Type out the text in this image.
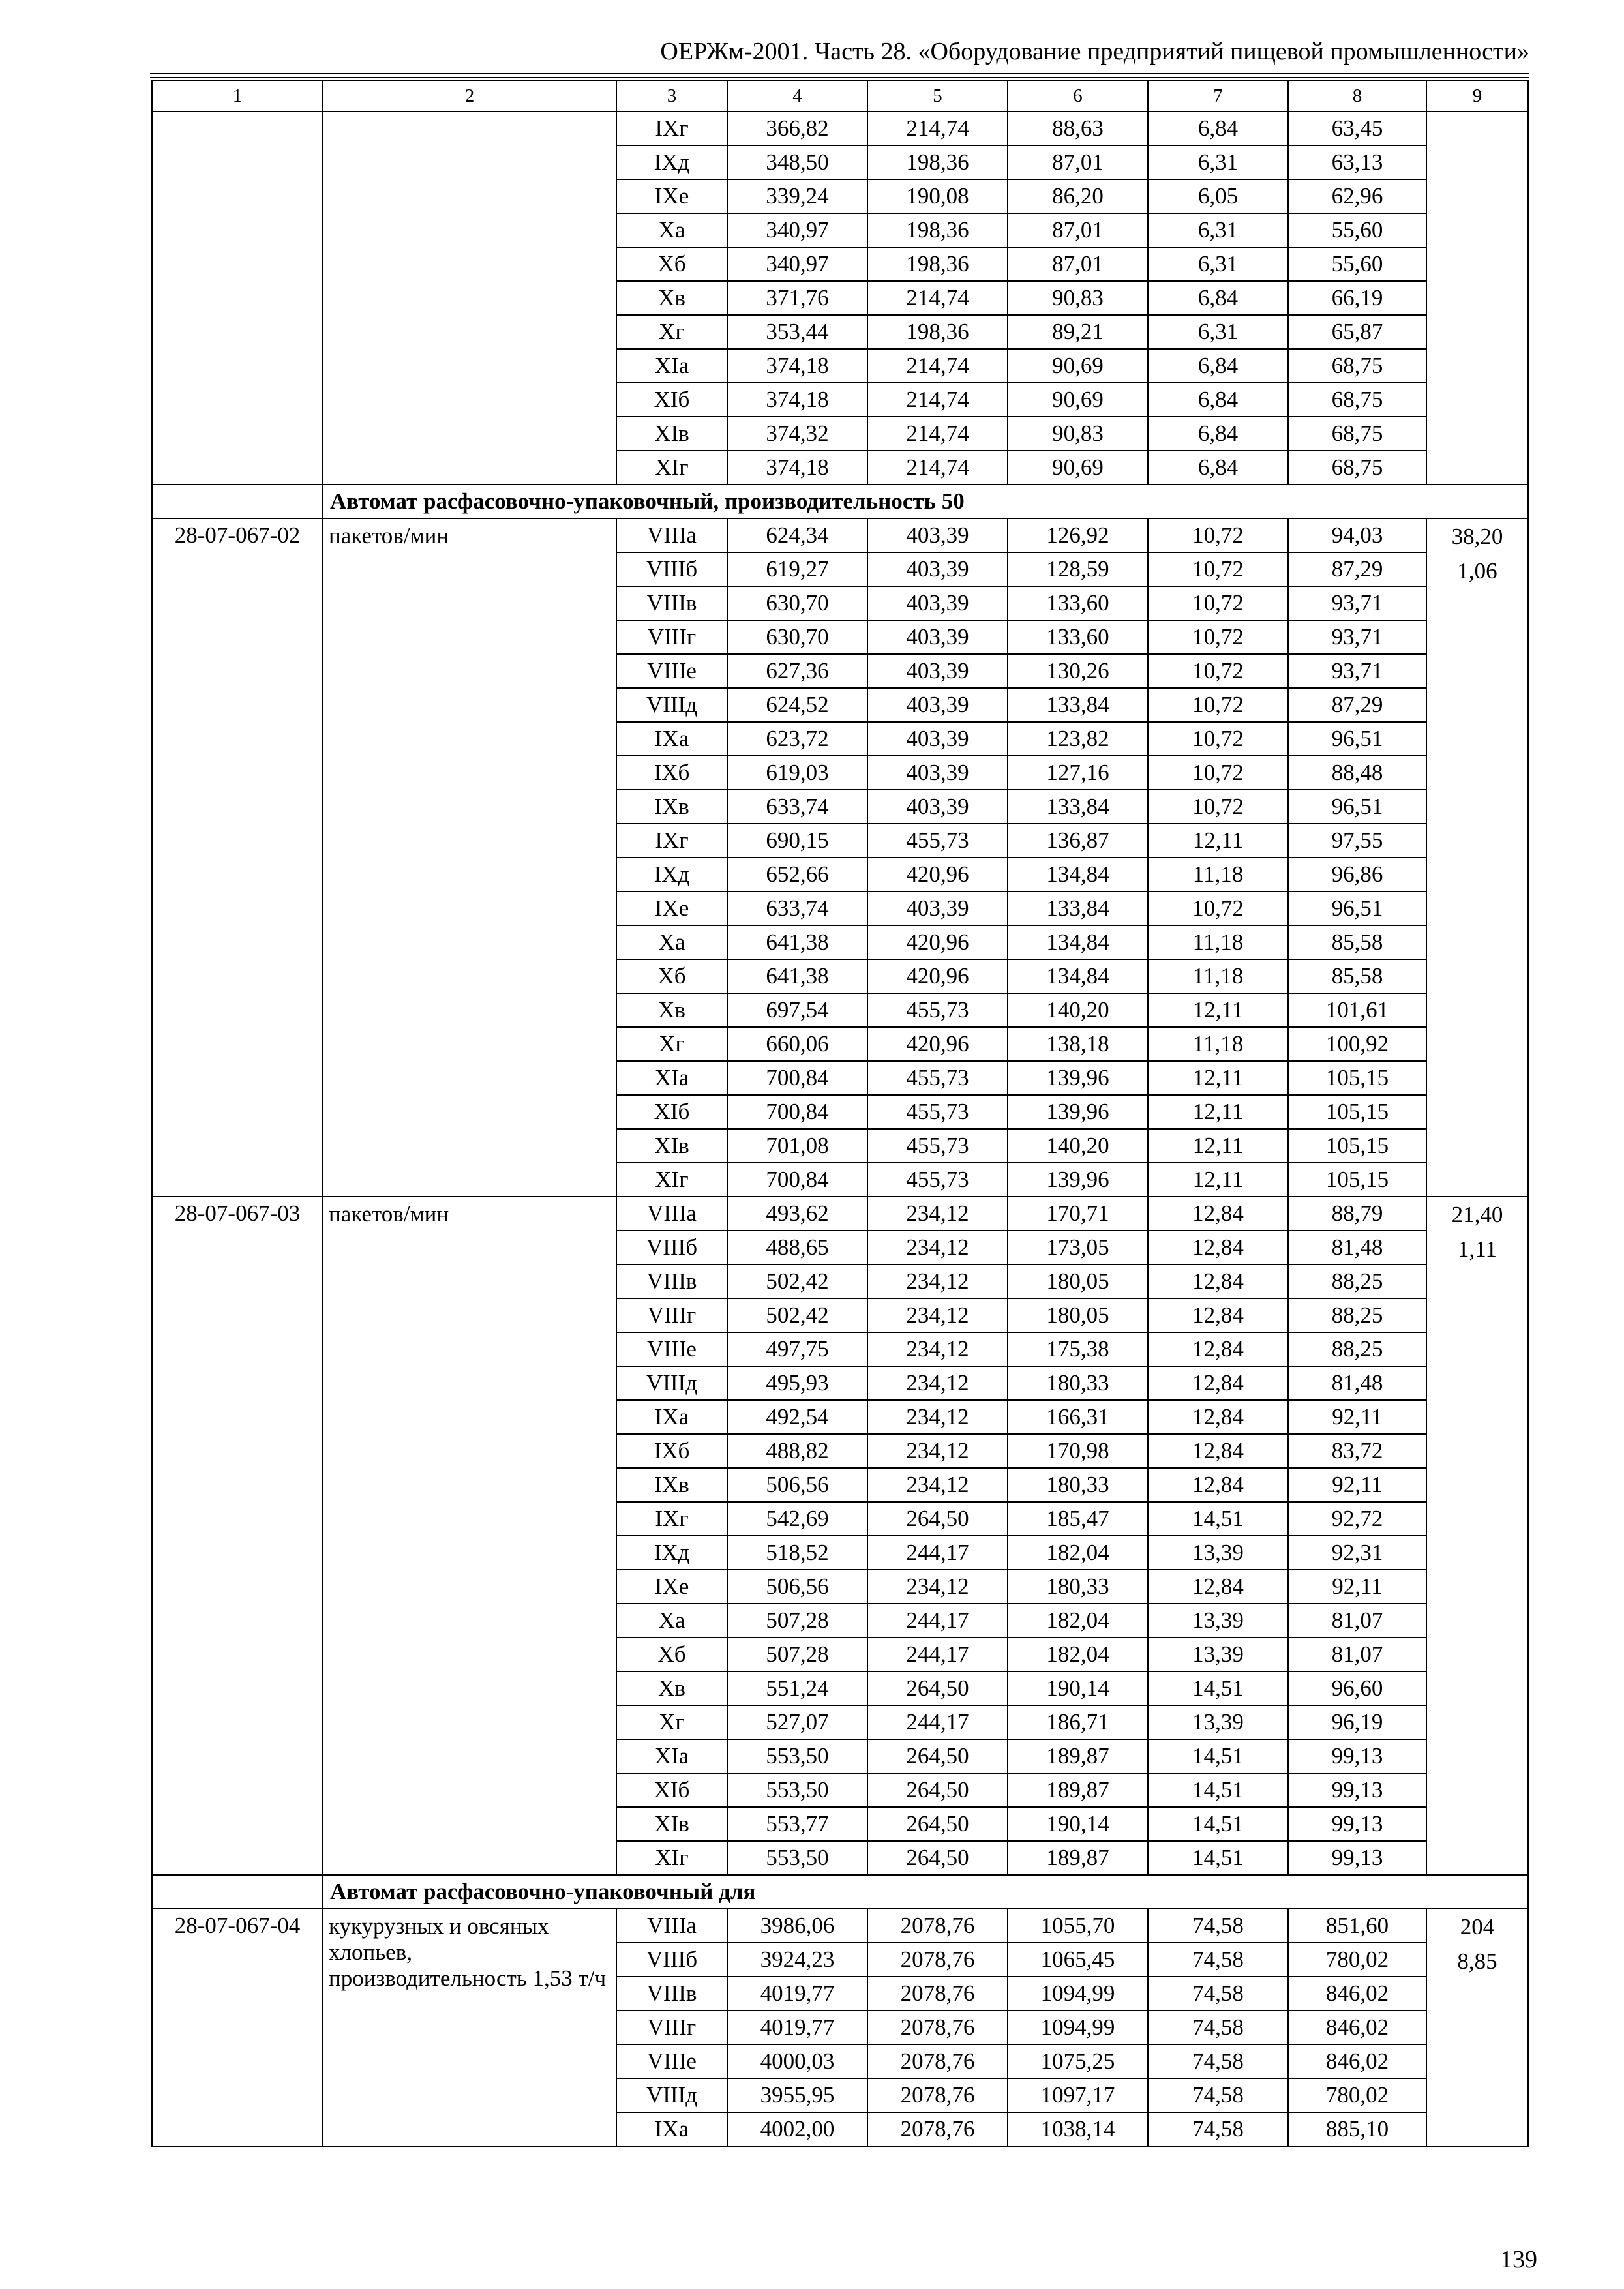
ОЕРЖм-2001. Часть 28. «Оборудование предприятий пищевой промышленности»
1	2	3	4	5	6	7	8	9
		IXг	366,82	214,74	88,63	6,84	63,45	
		IXд	348,50	198,36	87,01	6,31	63,13	
		IXе	339,24	190,08	86,20	6,05	62,96	
		Xа	340,97	198,36	87,01	6,31	55,60	
		Xб	340,97	198,36	87,01	6,31	55,60	
		Xв	371,76	214,74	90,83	6,84	66,19	
		Xг	353,44	198,36	89,21	6,31	65,87	
		XIа	374,18	214,74	90,69	6,84	68,75	
		XIб	374,18	214,74	90,69	6,84	68,75	
		XIв	374,32	214,74	90,83	6,84	68,75	
		XIг	374,18	214,74	90,69	6,84	68,75	
	Автомат расфасовочно-упаковочный, производительность 50							
28-07-067-02	пакетов/мин	VIIIа	624,34	403,39	126,92	10,72	94,03	38,20
1,06

		VIIIб	619,27	403,39	128,59	10,72	87,29	
		VIIIв	630,70	403,39	133,60	10,72	93,71	
		VIIIг	630,70	403,39	133,60	10,72	93,71	
		VIIIе	627,36	403,39	130,26	10,72	93,71	
		VIIIд	624,52	403,39	133,84	10,72	87,29	
		IXа	623,72	403,39	123,82	10,72	96,51	
		IXб	619,03	403,39	127,16	10,72	88,48	
		IXв	633,74	403,39	133,84	10,72	96,51	
		IXг	690,15	455,73	136,87	12,11	97,55	
		IXд	652,66	420,96	134,84	11,18	96,86	
		IXе	633,74	403,39	133,84	10,72	96,51	
		Xа	641,38	420,96	134,84	11,18	85,58	
		Xб	641,38	420,96	134,84	11,18	85,58	
		Xв	697,54	455,73	140,20	12,11	101,61	
		Xг	660,06	420,96	138,18	11,18	100,92	
		XIа	700,84	455,73	139,96	12,11	105,15	
		XIб	700,84	455,73	139,96	12,11	105,15	
		XIв	701,08	455,73	140,20	12,11	105,15	
		XIг	700,84	455,73	139,96	12,11	105,15	
28-07-067-03	пакетов/мин	VIIIа	493,62	234,12	170,71	12,84	88,79	21,40
1,11

		VIIIб	488,65	234,12	173,05	12,84	81,48	
		VIIIв	502,42	234,12	180,05	12,84	88,25	
		VIIIг	502,42	234,12	180,05	12,84	88,25	
		VIIIе	497,75	234,12	175,38	12,84	88,25	
		VIIIд	495,93	234,12	180,33	12,84	81,48	
		IXа	492,54	234,12	166,31	12,84	92,11	
		IXб	488,82	234,12	170,98	12,84	83,72	
		IXв	506,56	234,12	180,33	12,84	92,11	
		IXг	542,69	264,50	185,47	14,51	92,72	
		IXд	518,52	244,17	182,04	13,39	92,31	
		IXе	506,56	234,12	180,33	12,84	92,11	
		Xа	507,28	244,17	182,04	13,39	81,07	
		Xб	507,28	244,17	182,04	13,39	81,07	
		Xв	551,24	264,50	190,14	14,51	96,60	
		Xг	527,07	244,17	186,71	13,39	96,19	
		XIа	553,50	264,50	189,87	14,51	99,13	
		XIб	553,50	264,50	189,87	14,51	99,13	
		XIв	553,77	264,50	190,14	14,51	99,13	
		XIг	553,50	264,50	189,87	14,51	99,13	
	Автомат расфасовочно-упаковочный для							
28-07-067-04	кукурузных и овсяных хлопьев, производительность 1,53 т/ч	VIIIа	3986,06	2078,76	1055,70	74,58	851,60	204
8,85

		VIIIб	3924,23	2078,76	1065,45	74,58	780,02	
		VIIIв	4019,77	2078,76	1094,99	74,58	846,02	
		VIIIг	4019,77	2078,76	1094,99	74,58	846,02	
		VIIIе	4000,03	2078,76	1075,25	74,58	846,02	
		VIIIд	3955,95	2078,76	1097,17	74,58	780,02	
		IXа	4002,00	2078,76	1038,14	74,58	885,10	
139
